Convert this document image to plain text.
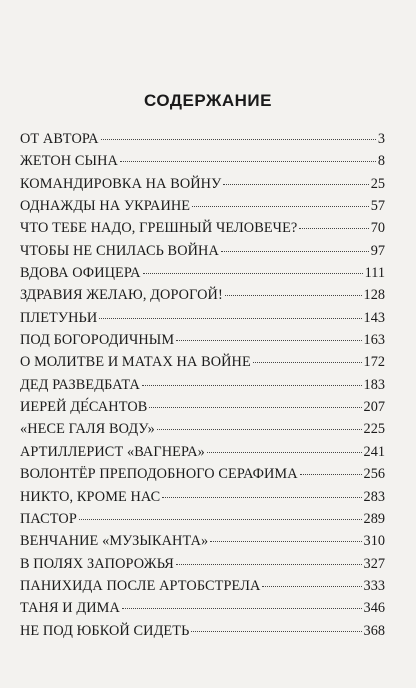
СОДЕРЖАНИЕ
ОТ АВТОРА	3
ЖЕТОН СЫНА	8
КОМАНДИРОВКА НА ВОЙНУ	25
ОДНАЖДЫ НА УКРАИНЕ	57
ЧТО ТЕБЕ НАДО, ГРЕШНЫЙ ЧЕЛОВЕЧЕ?	70
ЧТОБЫ НЕ СНИЛАСЬ ВОЙНА	97
ВДОВА ОФИЦЕРА	111
ЗДРАВИЯ ЖЕЛАЮ, ДОРОГОЙ!	128
ПЛЕТУНЬИ	143
ПОД БОГОРОДИЧНЫМ	163
О МОЛИТВЕ И МАТАХ НА ВОЙНЕ	172
ДЕД РАЗВЕДБАТА	183
ИЕРЕЙ ДЕ́САНТОВ	207
«НЕСЕ ГАЛЯ ВОДУ»	225
АРТИЛЛЕРИСТ «ВАГНЕРА»	241
ВОЛОНТЁР ПРЕПОДОБНОГО СЕРАФИМА	256
НИКТО, КРОМЕ НАС	283
ПАСТОР	289
ВЕНЧАНИЕ «МУЗЫКАНТА»	310
В ПОЛЯХ ЗАПОРОЖЬЯ	327
ПАНИХИДА ПОСЛЕ АРТОБСТРЕЛА	333
ТАНЯ И ДИМА	346
НЕ ПОД ЮБКОЙ СИДЕТЬ	368
